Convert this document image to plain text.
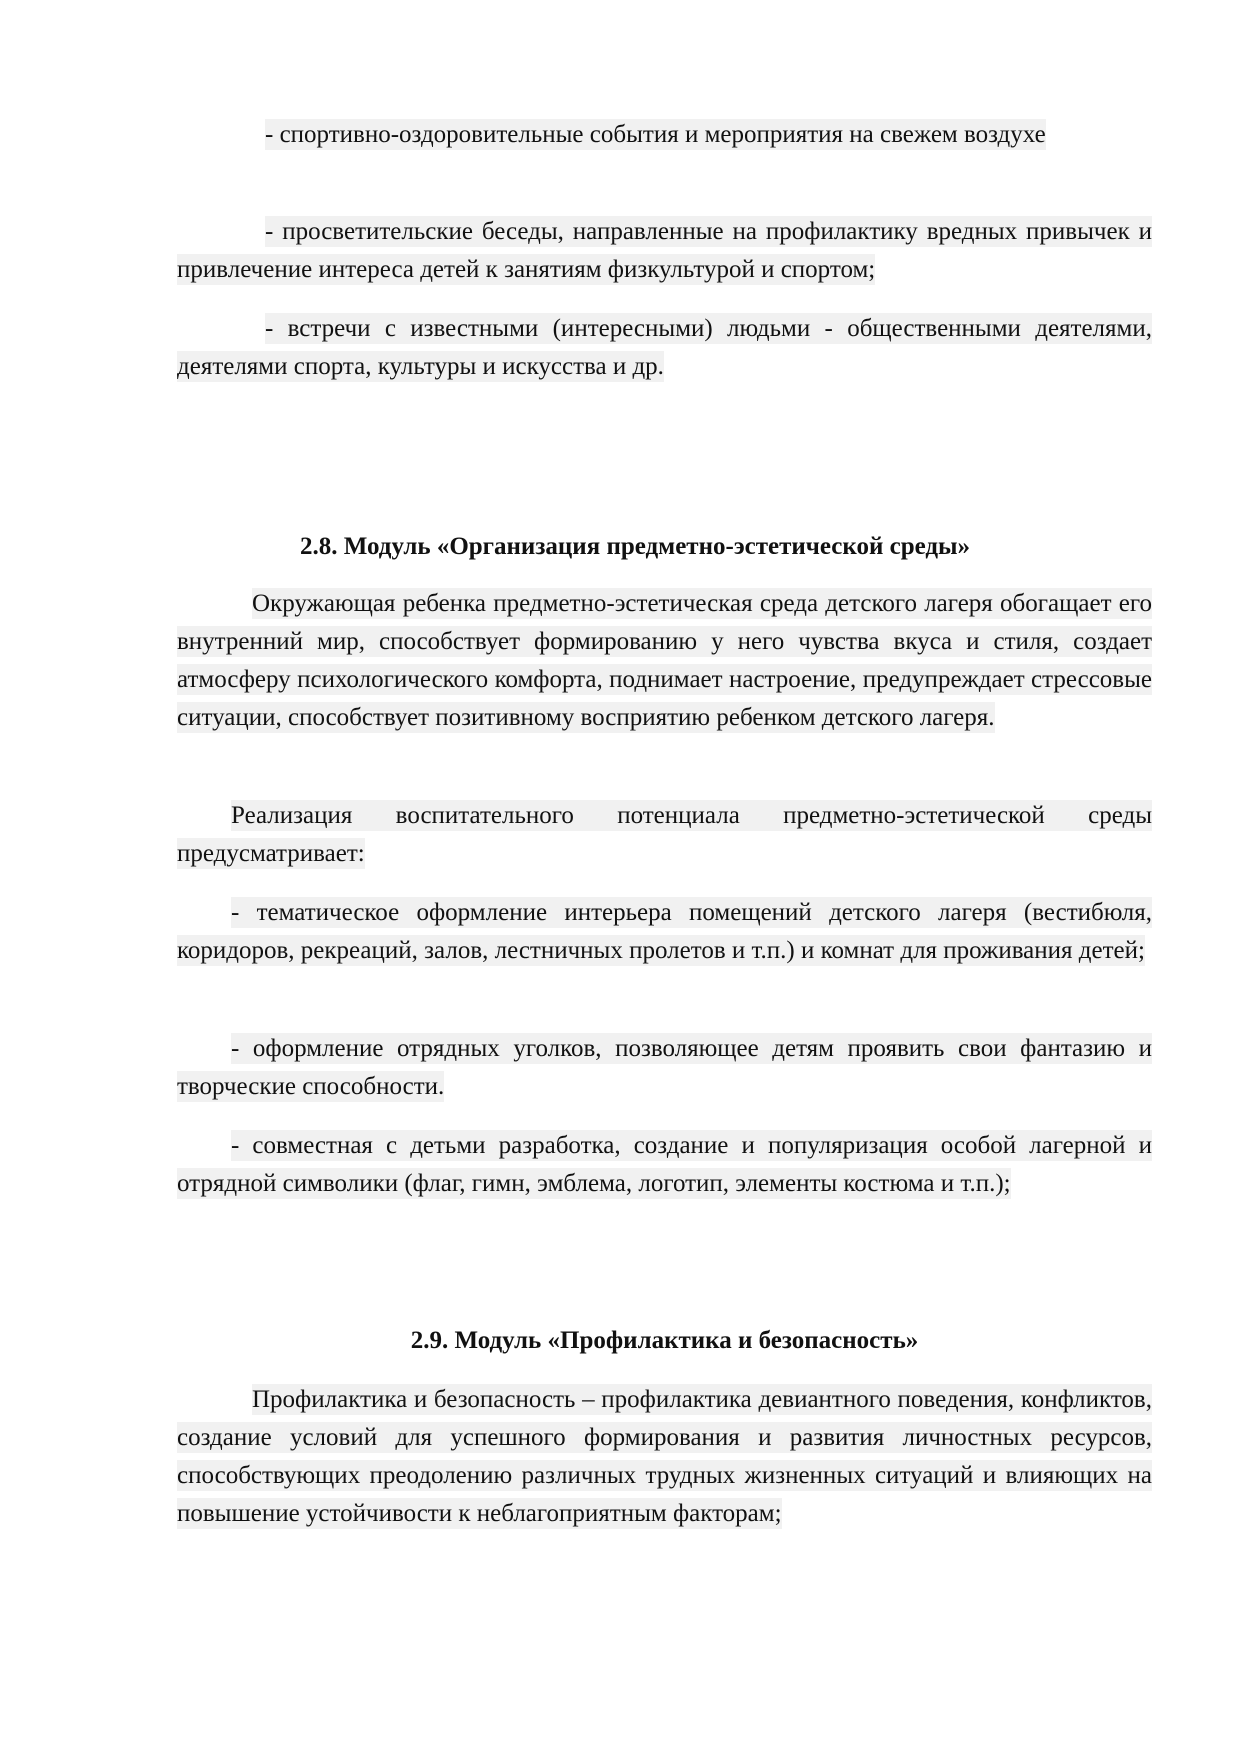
- спортивно-оздоровительные события и мероприятия на свежем воздухе

- просветительские беседы, направленные на профилактику вредных привычек и привлечение интереса детей к занятиям физкультурой и спортом;

- встречи с известными (интересными) людьми - общественными деятелями, деятелями спорта, культуры и искусства и др.

2.8. Модуль «Организация предметно-эстетической среды»

Окружающая ребенка предметно-эстетическая среда детского лагеря обогащает его внутренний мир, способствует формированию у него чувства вкуса и стиля, создает атмосферу психологического комфорта, поднимает настроение, предупреждает стрессовые ситуации, способствует позитивному восприятию ребенком детского лагеря.

Реализация воспитательного потенциала предметно-эстетической среды предусматривает:

- тематическое оформление интерьера помещений детского лагеря (вестибюля, коридоров, рекреаций, залов, лестничных пролетов и т.п.) и комнат для проживания детей;

- оформление отрядных уголков, позволяющее детям проявить свои фантазию и творческие способности.

- совместная с детьми разработка, создание и популяризация особой лагерной и отрядной символики (флаг, гимн, эмблема, логотип, элементы костюма и т.п.);

2.9. Модуль «Профилактика и безопасность»

Профилактика и безопасность – профилактика девиантного поведения, конфликтов, создание условий для успешного формирования и развития личностных ресурсов, способствующих преодолению различных трудных жизненных ситуаций и влияющих на повышение устойчивости к неблагоприятным факторам;
